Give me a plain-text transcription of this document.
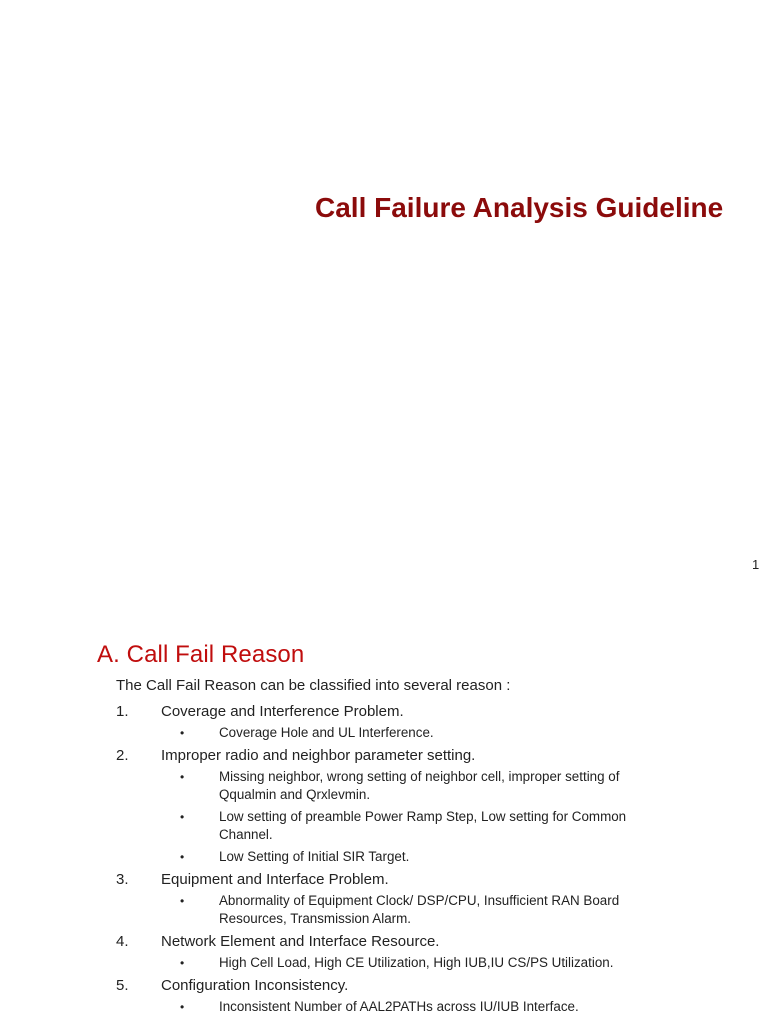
Call Failure Analysis Guideline
1
A. Call Fail Reason
The Call Fail Reason can be classified into several reason :
1. Coverage and Interference Problem.
•	Coverage Hole and UL Interference.
2. Improper radio and neighbor parameter setting.
•	Missing neighbor, wrong setting of neighbor cell, improper setting of Qqualmin and Qrxlevmin.
•	Low setting of preamble Power Ramp Step, Low setting for Common Channel.
•	Low Setting of Initial SIR Target.
3. Equipment and Interface Problem.
•	Abnormality of Equipment Clock/ DSP/CPU, Insufficient RAN Board Resources, Transmission Alarm.
4. Network Element and Interface Resource.
•	High Cell Load, High CE Utilization, High IUB,IU CS/PS Utilization.
5. Configuration Inconsistency.
•	Inconsistent Number of AAL2PATHs across IU/IUB Interface.
